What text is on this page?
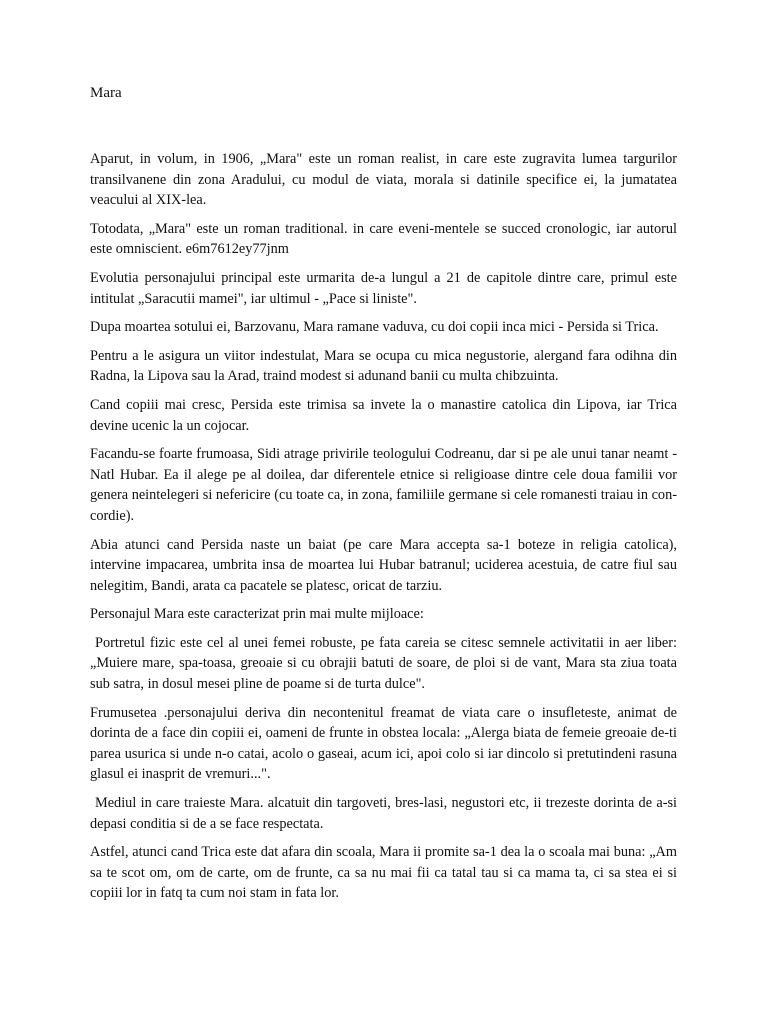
Mara

Aparut, in volum, in 1906, „Mara" este un roman realist, in care este zugravita lumea targurilor transilvanene din zona Aradului, cu modul de viata, morala si datinile specifice ei, la jumatatea veacului al XIX-lea.

Totodata, „Mara" este un roman traditional. in care eveni-mentele se succed cronologic, iar autorul este omniscient. e6m7612ey77jnm

Evolutia personajului principal este urmarita de-a lungul a 21 de capitole dintre care, primul este intitulat „Saracutii mamei", iar ultimul - „Pace si liniste".

Dupa moartea sotului ei, Barzovanu, Mara ramane vaduva, cu doi copii inca mici - Persida si Trica.

Pentru a le asigura un viitor indestulat, Mara se ocupa cu mica negustorie, alergand fara odihna din Radna, la Lipova sau la Arad, traind modest si adunand banii cu multa chibzuinta.

Cand copiii mai cresc, Persida este trimisa sa invete la o manastire catolica din Lipova, iar Trica devine ucenic la un cojocar.

Facandu-se foarte frumoasa, Sidi atrage privirile teologului Codreanu, dar si pe ale unui tanar neamt - Natl Hubar. Ea il alege pe al doilea, dar diferentele etnice si religioase dintre cele doua familii vor genera neintelegeri si nefericire (cu toate ca, in zona, familiile germane si cele romanesti traiau in con-cordie).

Abia atunci cand Persida naste un baiat (pe care Mara accepta sa-1 boteze in religia catolica), intervine impacarea, umbrita insa de moartea lui Hubar batranul; uciderea acestuia, de catre fiul sau nelegitim, Bandi, arata ca pacatele se platesc, oricat de tarziu.

Personajul Mara este caracterizat prin mai multe mijloace:

Portretul fizic este cel al unei femei robuste, pe fata careia se citesc semnele activitatii in aer liber: „Muiere mare, spa-toasa, greoaie si cu obrajii batuti de soare, de ploi si de vant, Mara sta ziua toata sub satra, in dosul mesei pline de poame si de turta dulce".

Frumusetea .personajului deriva din necontenitul freamat de viata care o insufleteste, animat de dorinta de a face din copiii ei, oameni de frunte in obstea locala: „Alerga biata de femeie greoaie de-ti parea usurica si unde n-o catai, acolo o gaseai, acum ici, apoi colo si iar dincolo si pretutindeni rasuna glasul ei inasprit de vremuri...".

Mediul in care traieste Mara. alcatuit din targoveti, bres-lasi, negustori etc, ii trezeste dorinta de a-si depasi conditia si de a se face respectata.

Astfel, atunci cand Trica este dat afara din scoala, Mara ii promite sa-1 dea la o scoala mai buna: „Am sa te scot om, om de carte, om de frunte, ca sa nu mai fii ca tatal tau si ca mama ta, ci sa stea ei si copiii lor in fatq ta cum noi stam in fata lor.
